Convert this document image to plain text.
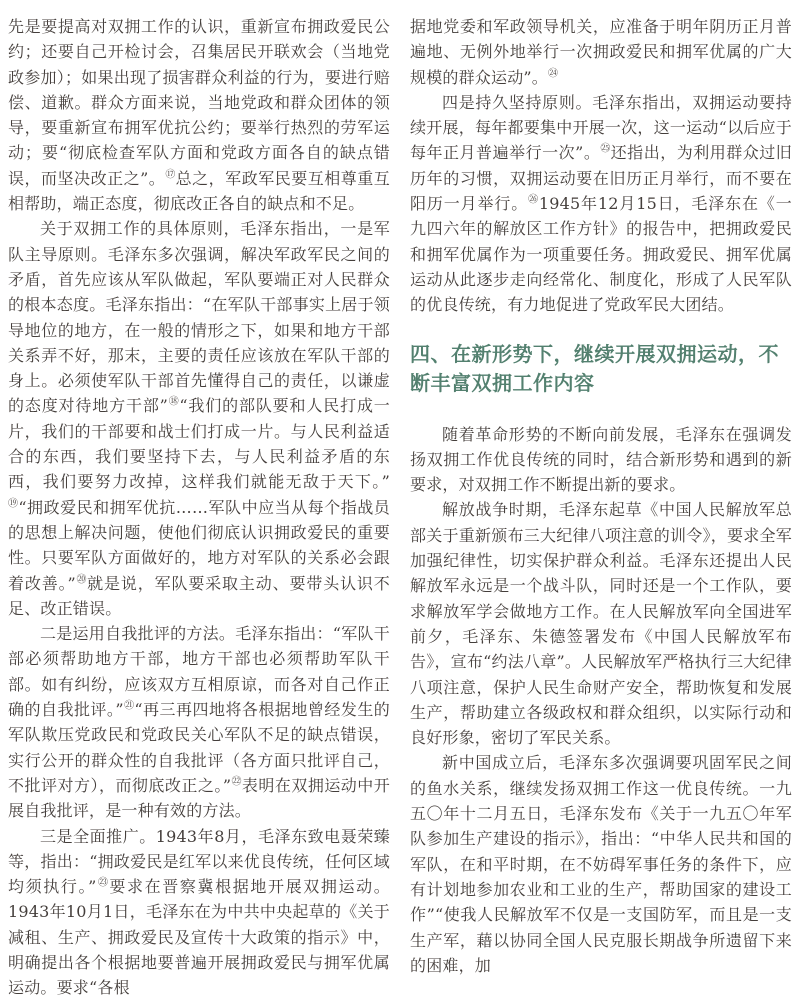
先是要提高对双拥工作的认识，重新宣布拥政爱民公约；还要自己开检讨会，召集居民开联欢会（当地党政参加）；如果出现了损害群众利益的行为，要进行赔偿、道歉。群众方面来说，当地党政和群众团体的领导，要重新宣布拥军优抗公约；要举行热烈的劳军运动；要“彻底检查军队方面和党政方面各自的缺点错误，而坚决改正之”。⑰总之，军政军民要互相尊重互相帮助，端正态度，彻底改正各自的缺点和不足。

关于双拥工作的具体原则，毛泽东指出，一是军队主导原则。毛泽东多次强调，解决军政军民之间的矛盾，首先应该从军队做起，军队要端正对人民群众的根本态度。毛泽东指出：“在军队干部事实上居于领导地位的地方，在一般的情形之下，如果和地方干部关系弄不好，那末，主要的责任应该放在军队干部的身上。必须使军队干部首先懂得自己的责任，以谦虚的态度对待地方干部”⑱“我们的部队要和人民打成一片，我们的干部要和战士们打成一片。与人民利益适合的东西，我们要坚持下去，与人民利益矛盾的东西，我们要努力改掉，这样我们就能无敌于天下。”⑲“拥政爱民和拥军优抗……军队中应当从每个指战员的思想上解决问题，使他们彻底认识拥政爱民的重要性。只要军队方面做好的，地方对军队的关系必会跟着改善。”⑳就是说，军队要采取主动、要带头认识不足、改正错误。

二是运用自我批评的方法。毛泽东指出：“军队干部必须帮助地方干部，地方干部也必须帮助军队干部。如有纠纷，应该双方互相原谅，而各对自己作正确的自我批评。”$^㉑$“再三再四地将各根据地曾经发生的军队欺压党政民和党政民关心军队不足的缺点错误，实行公开的群众性的自我批评（各方面只批评自己，不批评对方），而彻底改正之。”$^㉒$表明在双拥运动中开展自我批评，是一种有效的方法。

三是全面推广。1943年8月，毛泽东致电聂荣臻等，指出：“拥政爱民是红军以来优良传统，任何区域均须执行。”$^㉓$要求在晋察冀根据地开展双拥运动。1943年10月1日，毛泽东在为中共中央起草的《关于减租、生产、拥政爱民及宣传十大政策的指示》中，明确提出各个根据地要普遍开展拥政爱民与拥军优属运动。要求“各根

据地党委和军政领导机关，应准备于明年阴历正月普遍地、无例外地举行一次拥政爱民和拥军优属的广大规模的群众运动”。$^㉔$

四是持久坚持原则。毛泽东指出，双拥运动要持续开展，每年都要集中开展一次，这一运动“以后应于每年正月普遍举行一次”。$^㉕$还指出，为利用群众过旧历年的习惯，双拥运动要在旧历正月举行，而不要在阳历一月举行。$^㉖$1945年12月15日，毛泽东在《一九四六年的解放区工作方针》的报告中，把拥政爱民和拥军优属作为一项重要任务。拥政爱民、拥军优属运动从此逐步走向经常化、制度化，形成了人民军队的优良传统，有力地促进了党政军民大团结。

四、在新形势下，继续开展双拥运动，不断丰富双拥工作内容

随着革命形势的不断向前发展，毛泽东在强调发扬双拥工作优良传统的同时，结合新形势和遇到的新要求，对双拥工作不断提出新的要求。

解放战争时期，毛泽东起草《中国人民解放军总部关于重新颁布三大纪律八项注意的训令》，要求全军加强纪律性，切实保护群众利益。毛泽东还提出人民解放军永远是一个战斗队，同时还是一个工作队，要求解放军学会做地方工作。在人民解放军向全国进军前夕，毛泽东、朱德签署发布《中国人民解放军布告》，宣布“约法八章”。人民解放军严格执行三大纪律八项注意，保护人民生命财产安全，帮助恢复和发展生产，帮助建立各级政权和群众组织，以实际行动和良好形象，密切了军民关系。

新中国成立后，毛泽东多次强调要巩固军民之间的鱼水关系，继续发扬双拥工作这一优良传统。一九五〇年十二月五日，毛泽东发布《关于一九五〇年军队参加生产建设的指示》，指出：“中华人民共和国的军队，在和平时期，在不妨碍军事任务的条件下，应有计划地参加农业和工业的生产，帮助国家的建设工作”“使我人民解放军不仅是一支国防军，而且是一支生产军，藉以协同全国人民克服长期战争所遗留下来的困难，加
